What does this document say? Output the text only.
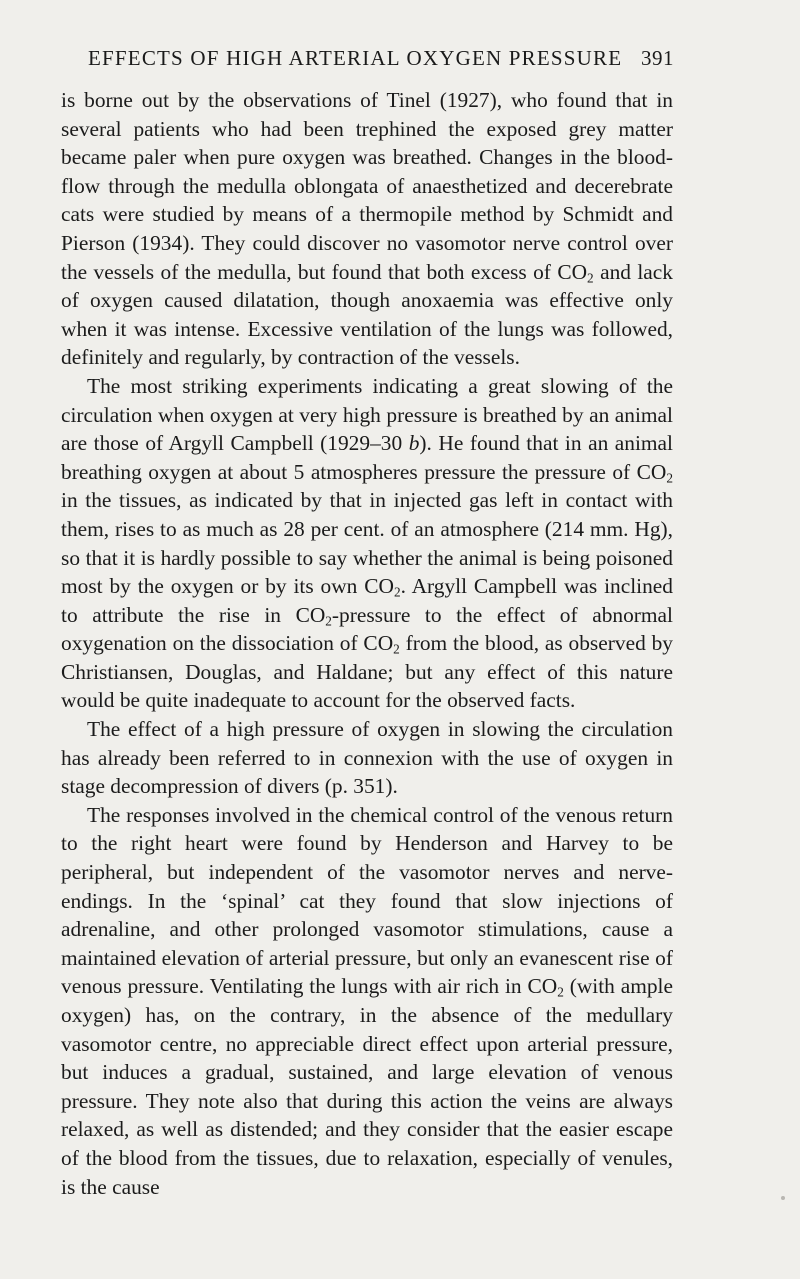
EFFECTS OF HIGH ARTERIAL OXYGEN PRESSURE 391

is borne out by the observations of Tinel (1927), who found that in several patients who had been trephined the exposed grey matter became paler when pure oxygen was breathed. Changes in the blood-flow through the medulla oblongata of anaesthetized and decerebrate cats were studied by means of a thermopile method by Schmidt and Pierson (1934). They could discover no vasomotor nerve control over the vessels of the medulla, but found that both excess of $CO_2$ and lack of oxygen caused dilatation, though anoxaemia was effective only when it was intense. Excessive ventilation of the lungs was followed, definitely and regularly, by contraction of the vessels.

The most striking experiments indicating a great slowing of the circulation when oxygen at very high pressure is breathed by an animal are those of Argyll Campbell (1929–30 b). He found that in an animal breathing oxygen at about 5 atmospheres pressure the pressure of $CO_2$ in the tissues, as indicated by that in injected gas left in contact with them, rises to as much as 28 per cent. of an atmosphere (214 mm. Hg), so that it is hardly possible to say whether the animal is being poisoned most by the oxygen or by its own $CO_2$. Argyll Campbell was inclined to attribute the rise in $CO_2$-pressure to the effect of abnormal oxygenation on the dissociation of $CO_2$ from the blood, as observed by Christiansen, Douglas, and Haldane; but any effect of this nature would be quite inadequate to account for the observed facts.

The effect of a high pressure of oxygen in slowing the circulation has already been referred to in connexion with the use of oxygen in stage decompression of divers (p. 351).

The responses involved in the chemical control of the venous return to the right heart were found by Henderson and Harvey to be peripheral, but independent of the vasomotor nerves and nerve-endings. In the ‘spinal’ cat they found that slow injections of adrenaline, and other prolonged vasomotor stimulations, cause a maintained elevation of arterial pressure, but only an evanescent rise of venous pressure. Ventilating the lungs with air rich in $CO_2$ (with ample oxygen) has, on the contrary, in the absence of the medullary vasomotor centre, no appreciable direct effect upon arterial pressure, but induces a gradual, sustained, and large elevation of venous pressure. They note also that during this action the veins are always relaxed, as well as distended; and they consider that the easier escape of the blood from the tissues, due to relaxation, especially of venules, is the cause
